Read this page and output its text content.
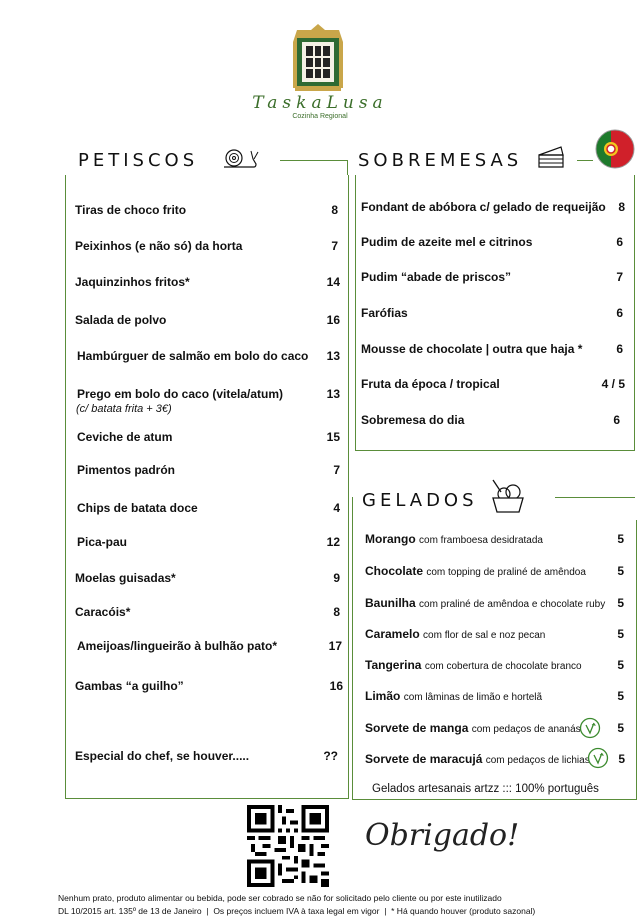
TaskaLusa
Cozinha Regional
PETISCOS
Tiras de choco frito	8
Peixinhos (e não só) da horta	7
Jaquinzinhos fritos*	14
Salada de polvo	16
Hambúrguer de salmão em bolo do caco	13
Prego em bolo do caco (vitela/atum)	13
(c/ batata frita + 3€)
Ceviche de atum	15
Pimentos padrón	7
Chips de batata doce	4
Pica-pau	12
Moelas guisadas*	9
Caracóis*	8
Ameijoas/lingueirão à bulhão pato*	17
Gambas “a guilho”	16
Especial do chef, se houver.....	??
SOBREMESAS
Fondant de abóbora c/ gelado de requeijão	8
Pudim de azeite mel e citrinos	6
Pudim “abade de priscos”	7
Farófias	6
Mousse de chocolate | outra que haja *	6
Fruta da época / tropical	4 / 5
Sobremesa do dia	6
GELADOS
Morango com framboesa desidratada	5
Chocolate com topping de praliné de amêndoa	5
Baunilha com praliné de amêndoa e chocolate ruby	5
Caramelo com flor de sal e noz pecan	5
Tangerina com cobertura de chocolate branco	5
Limão com lâminas de limão e hortelã	5
Sorvete de manga com pedaços de ananás	5
Sorvete de maracujá com pedaços de lichias	5
Gelados artesanais artzz ::: 100% português
Obrigado!
Nenhum prato, produto alimentar ou bebida, pode ser cobrado se não for solicitado pelo cliente ou por este inutilizado
DL 10/2015 art. 135º de 13 de Janeiro  |  Os preços incluem IVA à taxa legal em vigor  |  * Há quando houver (produto sazonal)
